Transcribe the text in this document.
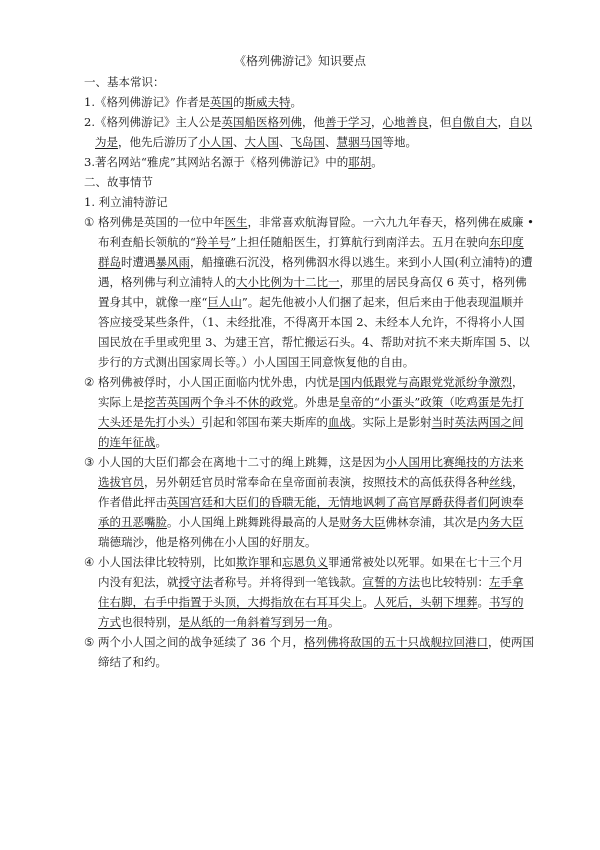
《格列佛游记》知识要点

一、基本常识：

1. 《格列佛游记》作者是英国的斯威夫特。
2. 《格列佛游记》主人公是英国船医格列佛，他善于学习，心地善良，但自傲自大，自以为是，他先后游历了小人国、大人国、飞岛国、慧骃马国等地。
3. 著名网站“雅虎”其网站名源于《格列佛游记》中的耶胡。

二、故事情节

1. 利立浦特游记

① 格列佛是英国的一位中年医生，非常喜欢航海冒险。一六九九年春天，格列佛在威廉 •布利查船长领航的“羚羊号”上担任随船医生，打算航行到南洋去。五月在驶向东印度群岛时遭遇暴风雨，船撞礁石沉没，格列佛泅水得以逃生。来到小人国(利立浦特)的遭遇，格列佛与利立浦特人的大小比例为十二比一，那里的居民身高仅 6 英寸，格列佛置身其中，就像一座“巨人山”。起先他被小人们捆了起来，但后来由于他表现温顺并答应接受某些条件，（1、未经批准，不得离开本国 2、未经本人允许，不得将小人国国民放在手里或兜里 3、为建王宫，帮忙搬运石头。4、帮助对抗不来夫斯库国 5、以步行的方式测出国家周长等。）小人国国王同意恢复他的自由。
② 格列佛被俘时，小人国正面临内忧外患，内忧是国内低跟党与高跟党党派纷争激烈，实际上是挖苦英国两个争斗不休的政党。外患是皇帝的“小蛋头”政策（吃鸡蛋是先打大头还是先打小头）引起和邻国布莱夫斯库的血战。实际上是影射当时英法两国之间的连年征战。
③ 小人国的大臣们都会在离地十二寸的绳上跳舞，这是因为小人国用比赛绳技的方法来选拔官员，另外朝廷官员时常奉命在皇帝面前表演，按照技术的高低获得各种丝线，作者借此抨击英国宫廷和大臣们的昏聩无能，无情地讽刺了高官厚爵获得者们阿谀奉承的丑恶嘴脸。小人国绳上跳舞跳得最高的人是财务大臣佛林奈浦，其次是内务大臣瑞德瑞沙，他是格列佛在小人国的好朋友。
④ 小人国法律比较特别，比如欺诈罪和忘恩负义罪通常被处以死罪。如果在七十三个月内没有犯法，就授守法者称号。并将得到一笔钱款。宣誓的方法也比较特别：左手拿住右脚，右手中指置于头顶，大拇指放在右耳耳尖上。人死后，头朝下埋葬。书写的方式也很特别，是从纸的一角斜着写到另一角。
⑤ 两个小人国之间的战争延续了 36 个月，格列佛将敌国的五十只战舰拉回港口，使两国缔结了和约。
